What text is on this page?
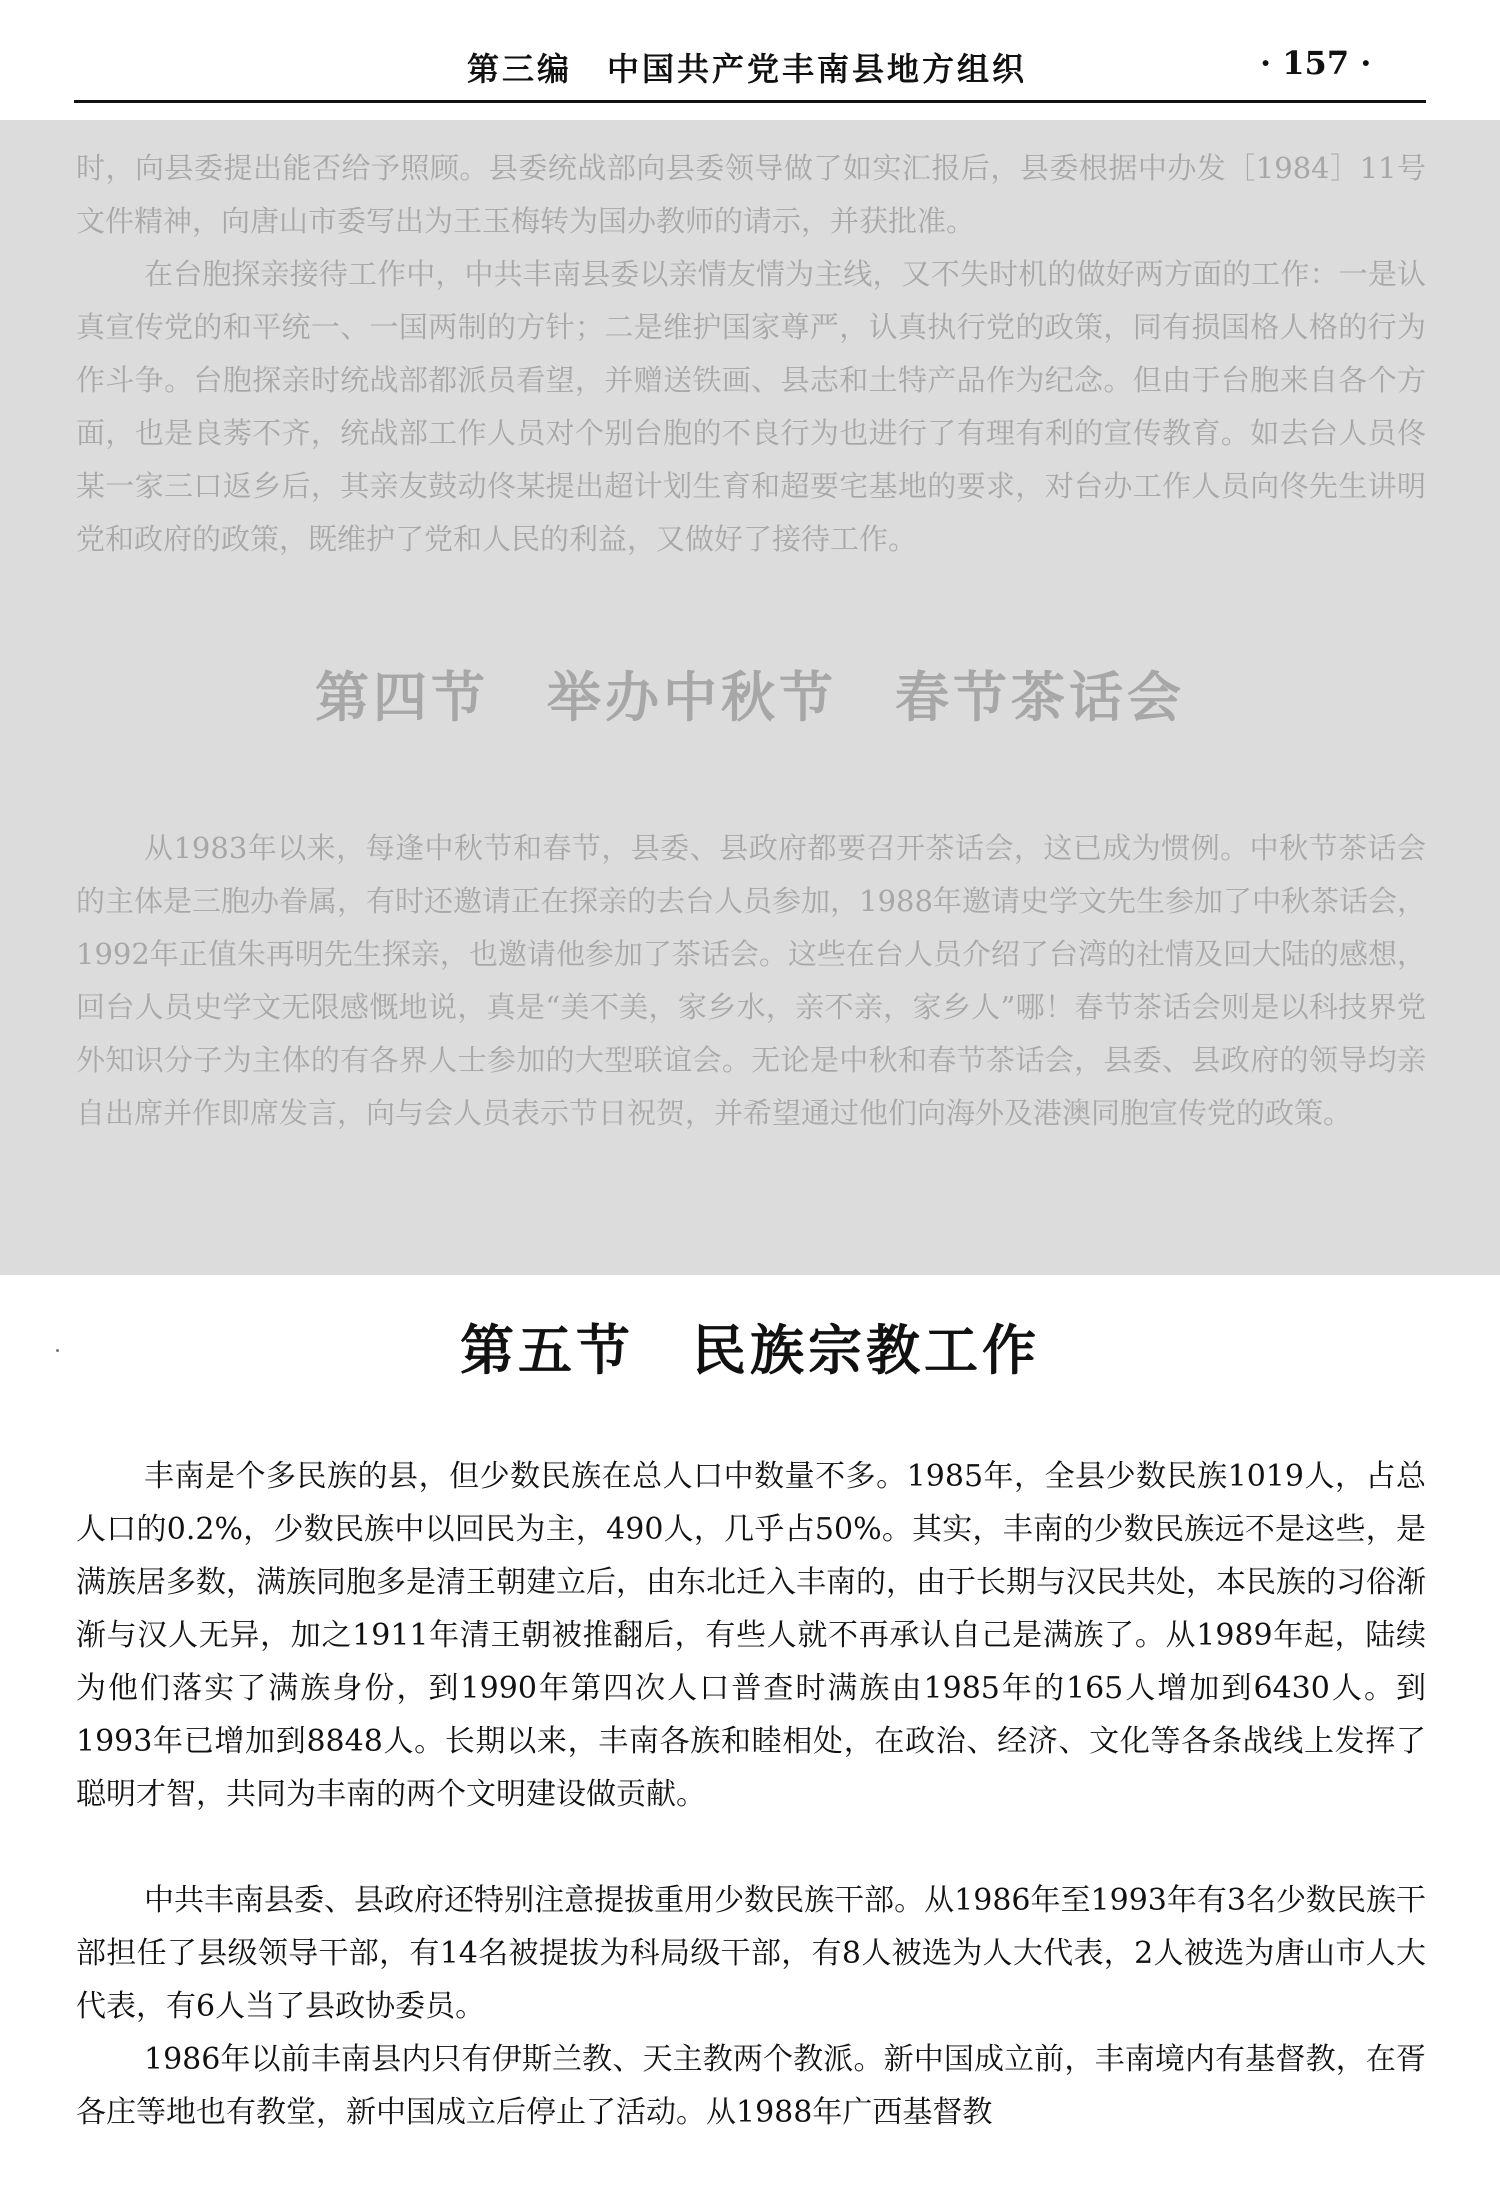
第三编　中国共产党丰南县地方组织	· 157 ·

时，向县委提出能否给予照顾。县委统战部向县委领导做了如实汇报后，县委根据中办发［1984］11号文件精神，向唐山市委写出为王玉梅转为国办教师的请示，并获批准。

在台胞探亲接待工作中，中共丰南县委以亲情友情为主线，又不失时机的做好两方面的工作：一是认真宣传党的和平统一、一国两制的方针；二是维护国家尊严，认真执行党的政策，同有损国格人格的行为作斗争。台胞探亲时统战部都派员看望，并赠送铁画、县志和土特产品作为纪念。但由于台胞来自各个方面，也是良莠不齐，统战部工作人员对个别台胞的不良行为也进行了有理有利的宣传教育。如去台人员佟某一家三口返乡后，其亲友鼓动佟某提出超计划生育和超要宅基地的要求，对台办工作人员向佟先生讲明党和政府的政策，既维护了党和人民的利益，又做好了接待工作。

第四节　举办中秋节　春节茶话会

从1983年以来，每逢中秋节和春节，县委、县政府都要召开茶话会，这已成为惯例。中秋节茶话会的主体是三胞办眷属，有时还邀请正在探亲的去台人员参加，1988年邀请史学文先生参加了中秋茶话会，1992年正值朱再明先生探亲，也邀请他参加了茶话会。这些在台人员介绍了台湾的社情及回大陆的感想，回台人员史学文无限感慨地说，真是“美不美，家乡水，亲不亲，家乡人”哪！春节茶话会则是以科技界党外知识分子为主体的有各界人士参加的大型联谊会。无论是中秋和春节茶话会，县委、县政府的领导均亲自出席并作即席发言，向与会人员表示节日祝贺，并希望通过他们向海外及港澳同胞宣传党的政策。

第五节　民族宗教工作

丰南是个多民族的县，但少数民族在总人口中数量不多。1985年，全县少数民族1019人，占总人口的0.2%，少数民族中以回民为主，490人，几乎占50%。其实，丰南的少数民族远不是这些，是满族居多数，满族同胞多是清王朝建立后，由东北迁入丰南的，由于长期与汉民共处，本民族的习俗渐渐与汉人无异，加之1911年清王朝被推翻后，有些人就不再承认自己是满族了。从1989年起，陆续为他们落实了满族身份，到1990年第四次人口普查时满族由1985年的165人增加到6430人。到1993年已增加到8848人。长期以来，丰南各族和睦相处，在政治、经济、文化等各条战线上发挥了聪明才智，共同为丰南的两个文明建设做贡献。

中共丰南县委、县政府还特别注意提拔重用少数民族干部。从1986年至1993年有3名少数民族干部担任了县级领导干部，有14名被提拔为科局级干部，有8人被选为人大代表，2人被选为唐山市人大代表，有6人当了县政协委员。

1986年以前丰南县内只有伊斯兰教、天主教两个教派。新中国成立前，丰南境内有基督教，在胥各庄等地也有教堂，新中国成立后停止了活动。从1988年广西基督教
